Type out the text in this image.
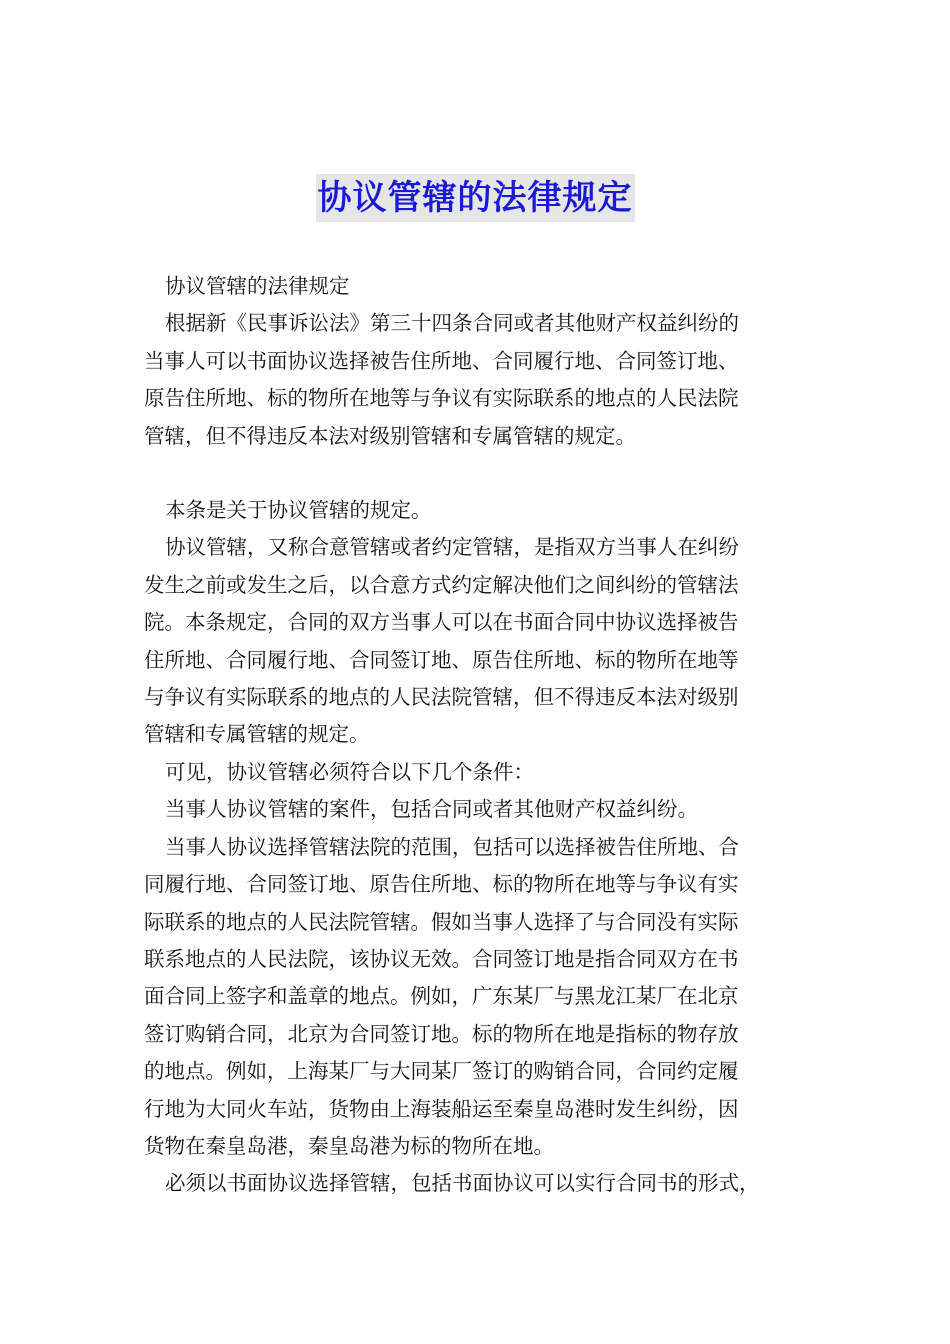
协议管辖的法律规定

协议管辖的法律规定

根据新《民事诉讼法》第三十四条合同或者其他财产权益纠纷的
当事人可以书面协议选择被告住所地、合同履行地、合同签订地、
原告住所地、标的物所在地等与争议有实际联系的地点的人民法院
管辖，但不得违反本法对级别管辖和专属管辖的规定。

本条是关于协议管辖的规定。

协议管辖，又称合意管辖或者约定管辖，是指双方当事人在纠纷
发生之前或发生之后，以合意方式约定解决他们之间纠纷的管辖法
院。本条规定，合同的双方当事人可以在书面合同中协议选择被告
住所地、合同履行地、合同签订地、原告住所地、标的物所在地等
与争议有实际联系的地点的人民法院管辖，但不得违反本法对级别
管辖和专属管辖的规定。

可见，协议管辖必须符合以下几个条件：

当事人协议管辖的案件，包括合同或者其他财产权益纠纷。

当事人协议选择管辖法院的范围，包括可以选择被告住所地、合
同履行地、合同签订地、原告住所地、标的物所在地等与争议有实
际联系的地点的人民法院管辖。假如当事人选择了与合同没有实际
联系地点的人民法院，该协议无效。合同签订地是指合同双方在书
面合同上签字和盖章的地点。例如，广东某厂与黑龙江某厂在北京
签订购销合同，北京为合同签订地。标的物所在地是指标的物存放
的地点。例如，上海某厂与大同某厂签订的购销合同，合同约定履
行地为大同火车站，货物由上海装船运至秦皇岛港时发生纠纷，因
货物在秦皇岛港，秦皇岛港为标的物所在地。

必须以书面协议选择管辖，包括书面协议可以实行合同书的形式，
